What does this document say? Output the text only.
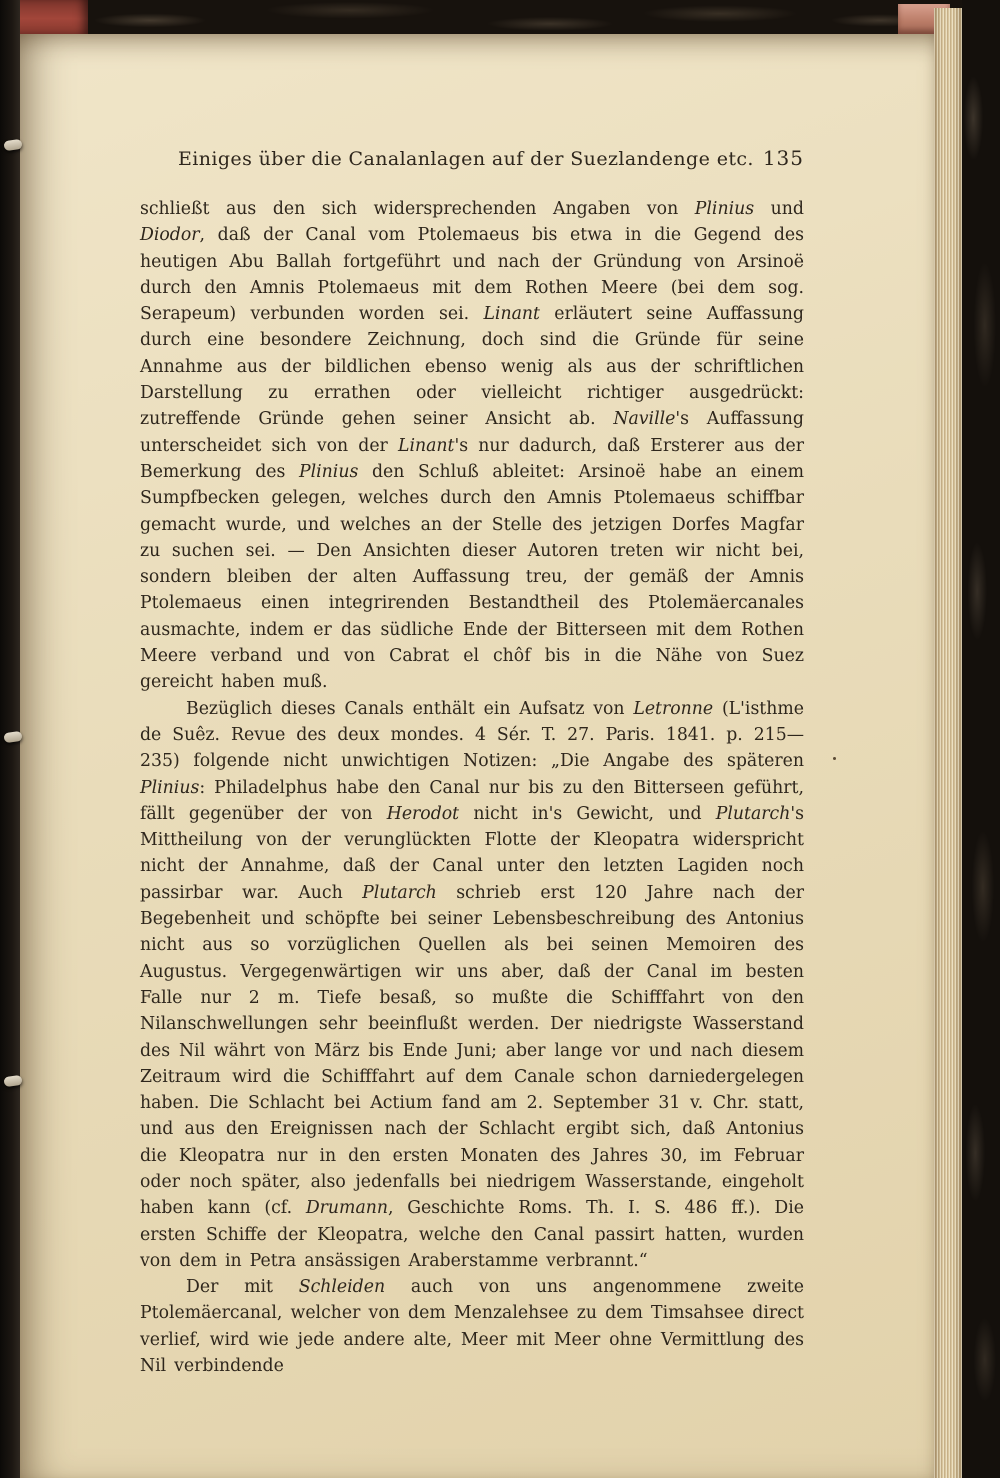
Einiges über die Canalanlagen auf der Suezlandenge etc. 135

schließt aus den sich widersprechenden Angaben von Plinius und Diodor, daß der Canal vom Ptolemaeus bis etwa in die Gegend des heutigen Abu Ballah fortgeführt und nach der Gründung von Arsinoë durch den Amnis Ptolemaeus mit dem Rothen Meere (bei dem sog. Serapeum) verbunden worden sei. Linant erläutert seine Auffassung durch eine besondere Zeichnung, doch sind die Gründe für seine Annahme aus der bildlichen ebenso wenig als aus der schriftlichen Darstellung zu errathen oder vielleicht richtiger ausgedrückt: zutreffende Gründe gehen seiner Ansicht ab. Naville's Auffassung unterscheidet sich von der Linant's nur dadurch, daß Ersterer aus der Bemerkung des Plinius den Schluß ableitet: Arsinoë habe an einem Sumpfbecken gelegen, welches durch den Amnis Ptolemaeus schiffbar gemacht wurde, und welches an der Stelle des jetzigen Dorfes Magfar zu suchen sei. — Den Ansichten dieser Autoren treten wir nicht bei, sondern bleiben der alten Auffassung treu, der gemäß der Amnis Ptolemaeus einen integrirenden Bestandtheil des Ptolemäercanales ausmachte, indem er das südliche Ende der Bitterseen mit dem Rothen Meere verband und von Cabrat el chôf bis in die Nähe von Suez gereicht haben muß.

Bezüglich dieses Canals enthält ein Aufsatz von Letronne (L'isthme de Suêz. Revue des deux mondes. 4 Sér. T. 27. Paris. 1841. p. 215—235) folgende nicht unwichtigen Notizen: „Die Angabe des späteren Plinius: Philadelphus habe den Canal nur bis zu den Bitterseen geführt, fällt gegenüber der von Herodot nicht in's Gewicht, und Plutarch's Mittheilung von der verunglückten Flotte der Kleopatra widerspricht nicht der Annahme, daß der Canal unter den letzten Lagiden noch passirbar war. Auch Plutarch schrieb erst 120 Jahre nach der Begebenheit und schöpfte bei seiner Lebensbeschreibung des Antonius nicht aus so vorzüglichen Quellen als bei seinen Memoiren des Augustus. Vergegenwärtigen wir uns aber, daß der Canal im besten Falle nur 2 m. Tiefe besaß, so mußte die Schifffahrt von den Nilanschwellungen sehr beeinflußt werden. Der niedrigste Wasserstand des Nil währt von März bis Ende Juni; aber lange vor und nach diesem Zeitraum wird die Schifffahrt auf dem Canale schon darniedergelegen haben. Die Schlacht bei Actium fand am 2. September 31 v. Chr. statt, und aus den Ereignissen nach der Schlacht ergibt sich, daß Antonius die Kleopatra nur in den ersten Monaten des Jahres 30, im Februar oder noch später, also jedenfalls bei niedrigem Wasserstande, eingeholt haben kann (cf. Drumann, Geschichte Roms. Th. I. S. 486 ff.). Die ersten Schiffe der Kleopatra, welche den Canal passirt hatten, wurden von dem in Petra ansässigen Araberstamme verbrannt.“

Der mit Schleiden auch von uns angenommene zweite Ptolemäercanal, welcher von dem Menzalehsee zu dem Timsahsee direct verlief, wird wie jede andere alte, Meer mit Meer ohne Vermittlung des Nil verbindende
